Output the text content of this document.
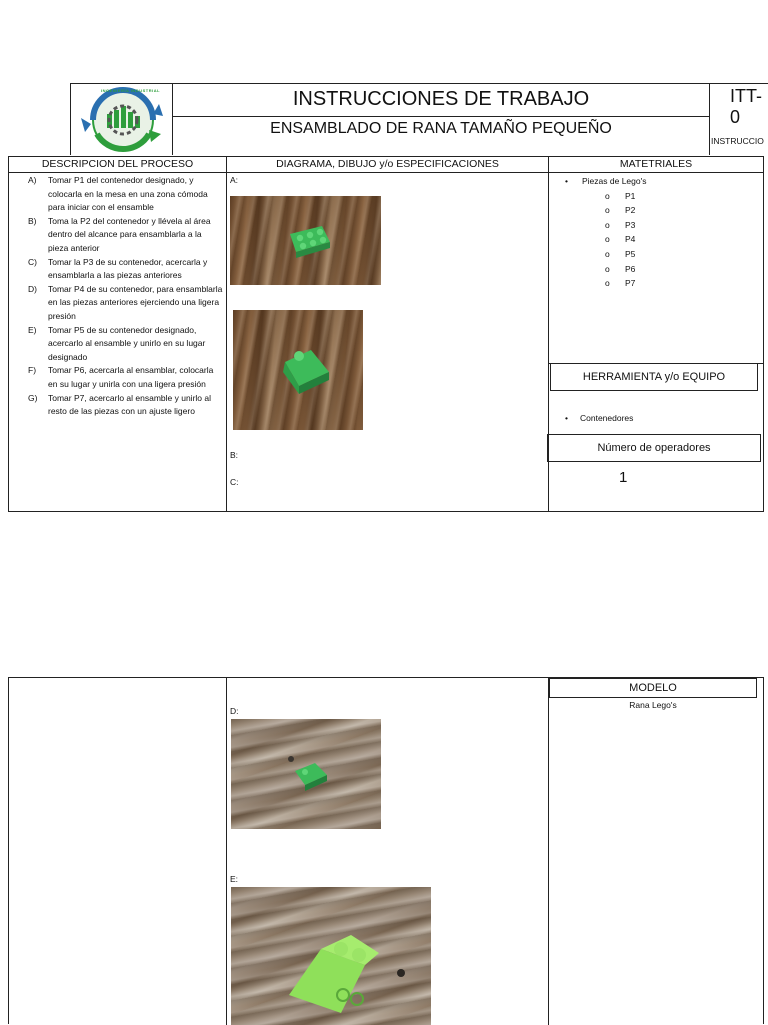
INGENIERÍA INDUSTRIAL	INSTRUCCIONES DE TRABAJO
ENSAMBLADO DE RANA TAMAÑO PEQUEÑO
ITT-0
INSTRUCCIO
DESCRIPCION DEL PROCESO	DIAGRAMA, DIBUJO y/o ESPECIFICACIONES	MATETRIALES
A) Tomar P1 del contenedor designado, y colocarla en la mesa en una zona cómoda para iniciar con el ensamble
B) Toma la P2 del contenedor y llévela al área dentro del alcance para ensamblarla a la pieza anterior
C) Tomar la P3 de su contenedor, acercarla y ensamblarla a las piezas anteriores
D) Tomar P4 de su contenedor, para ensamblarla en las piezas anteriores ejerciendo una ligera presión
E) Tomar P5 de su contenedor designado, acercarlo al ensamble y unirlo en su lugar designado
F) Tomar P6, acercarla al ensamblar, colocarla en su lugar y unirla con una ligera presión
G) Tomar P7, acercarlo al ensamble y unirlo al resto de las piezas con un ajuste ligero
A:
B:
C:
• Piezas de Lego's
o P1
o P2
o P3
o P4
o P5
o P6
o P7
HERRAMIENTA y/o EQUIPO
• Contenedores
Número de operadores
1
D:
E:
MODELO
Rana Lego's
